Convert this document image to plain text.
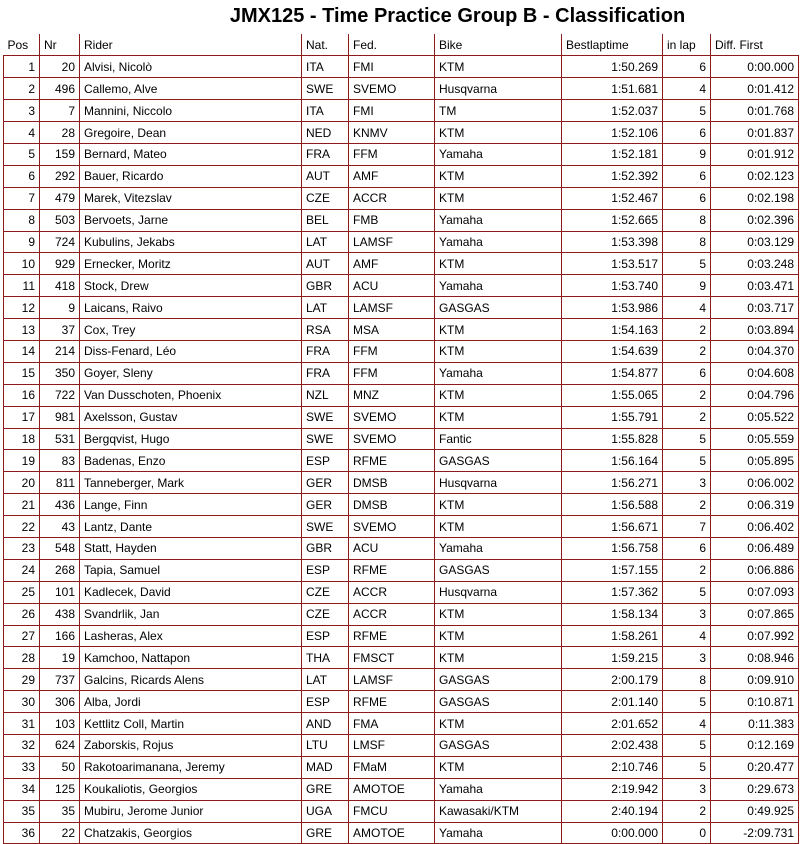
JMX125 - Time Practice Group B - Classification
Pos	Nr	Rider	Nat.	Fed.	Bike	Bestlaptime	in lap	Diff. First
1	20	Alvisi, Nicolò	ITA	FMI	KTM	1:50.269	6	0:00.000
2	496	Callemo, Alve	SWE	SVEMO	Husqvarna	1:51.681	4	0:01.412
3	7	Mannini, Niccolo	ITA	FMI	TM	1:52.037	5	0:01.768
4	28	Gregoire, Dean	NED	KNMV	KTM	1:52.106	6	0:01.837
5	159	Bernard, Mateo	FRA	FFM	Yamaha	1:52.181	9	0:01.912
6	292	Bauer, Ricardo	AUT	AMF	KTM	1:52.392	6	0:02.123
7	479	Marek, Vitezslav	CZE	ACCR	KTM	1:52.467	6	0:02.198
8	503	Bervoets, Jarne	BEL	FMB	Yamaha	1:52.665	8	0:02.396
9	724	Kubulins, Jekabs	LAT	LAMSF	Yamaha	1:53.398	8	0:03.129
10	929	Ernecker, Moritz	AUT	AMF	KTM	1:53.517	5	0:03.248
11	418	Stock, Drew	GBR	ACU	Yamaha	1:53.740	9	0:03.471
12	9	Laicans, Raivo	LAT	LAMSF	GASGAS	1:53.986	4	0:03.717
13	37	Cox, Trey	RSA	MSA	KTM	1:54.163	2	0:03.894
14	214	Diss-Fenard, Léo	FRA	FFM	KTM	1:54.639	2	0:04.370
15	350	Goyer, Sleny	FRA	FFM	Yamaha	1:54.877	6	0:04.608
16	722	Van Dusschoten, Phoenix	NZL	MNZ	KTM	1:55.065	2	0:04.796
17	981	Axelsson, Gustav	SWE	SVEMO	KTM	1:55.791	2	0:05.522
18	531	Bergqvist, Hugo	SWE	SVEMO	Fantic	1:55.828	5	0:05.559
19	83	Badenas, Enzo	ESP	RFME	GASGAS	1:56.164	5	0:05.895
20	811	Tanneberger, Mark	GER	DMSB	Husqvarna	1:56.271	3	0:06.002
21	436	Lange, Finn	GER	DMSB	KTM	1:56.588	2	0:06.319
22	43	Lantz, Dante	SWE	SVEMO	KTM	1:56.671	7	0:06.402
23	548	Statt, Hayden	GBR	ACU	Yamaha	1:56.758	6	0:06.489
24	268	Tapia, Samuel	ESP	RFME	GASGAS	1:57.155	2	0:06.886
25	101	Kadlecek, David	CZE	ACCR	Husqvarna	1:57.362	5	0:07.093
26	438	Svandrlik, Jan	CZE	ACCR	KTM	1:58.134	3	0:07.865
27	166	Lasheras, Alex	ESP	RFME	KTM	1:58.261	4	0:07.992
28	19	Kamchoo, Nattapon	THA	FMSCT	KTM	1:59.215	3	0:08.946
29	737	Galcins, Ricards Alens	LAT	LAMSF	GASGAS	2:00.179	8	0:09.910
30	306	Alba, Jordi	ESP	RFME	GASGAS	2:01.140	5	0:10.871
31	103	Kettlitz Coll, Martin	AND	FMA	KTM	2:01.652	4	0:11.383
32	624	Zaborskis, Rojus	LTU	LMSF	GASGAS	2:02.438	5	0:12.169
33	50	Rakotoarimanana, Jeremy	MAD	FMaM	KTM	2:10.746	5	0:20.477
34	125	Koukaliotis, Georgios	GRE	AMOTOE	Yamaha	2:19.942	3	0:29.673
35	35	Mubiru, Jerome Junior	UGA	FMCU	Kawasaki/KTM	2:40.194	2	0:49.925
36	22	Chatzakis, Georgios	GRE	AMOTOE	Yamaha	0:00.000	0	-2:09.731
